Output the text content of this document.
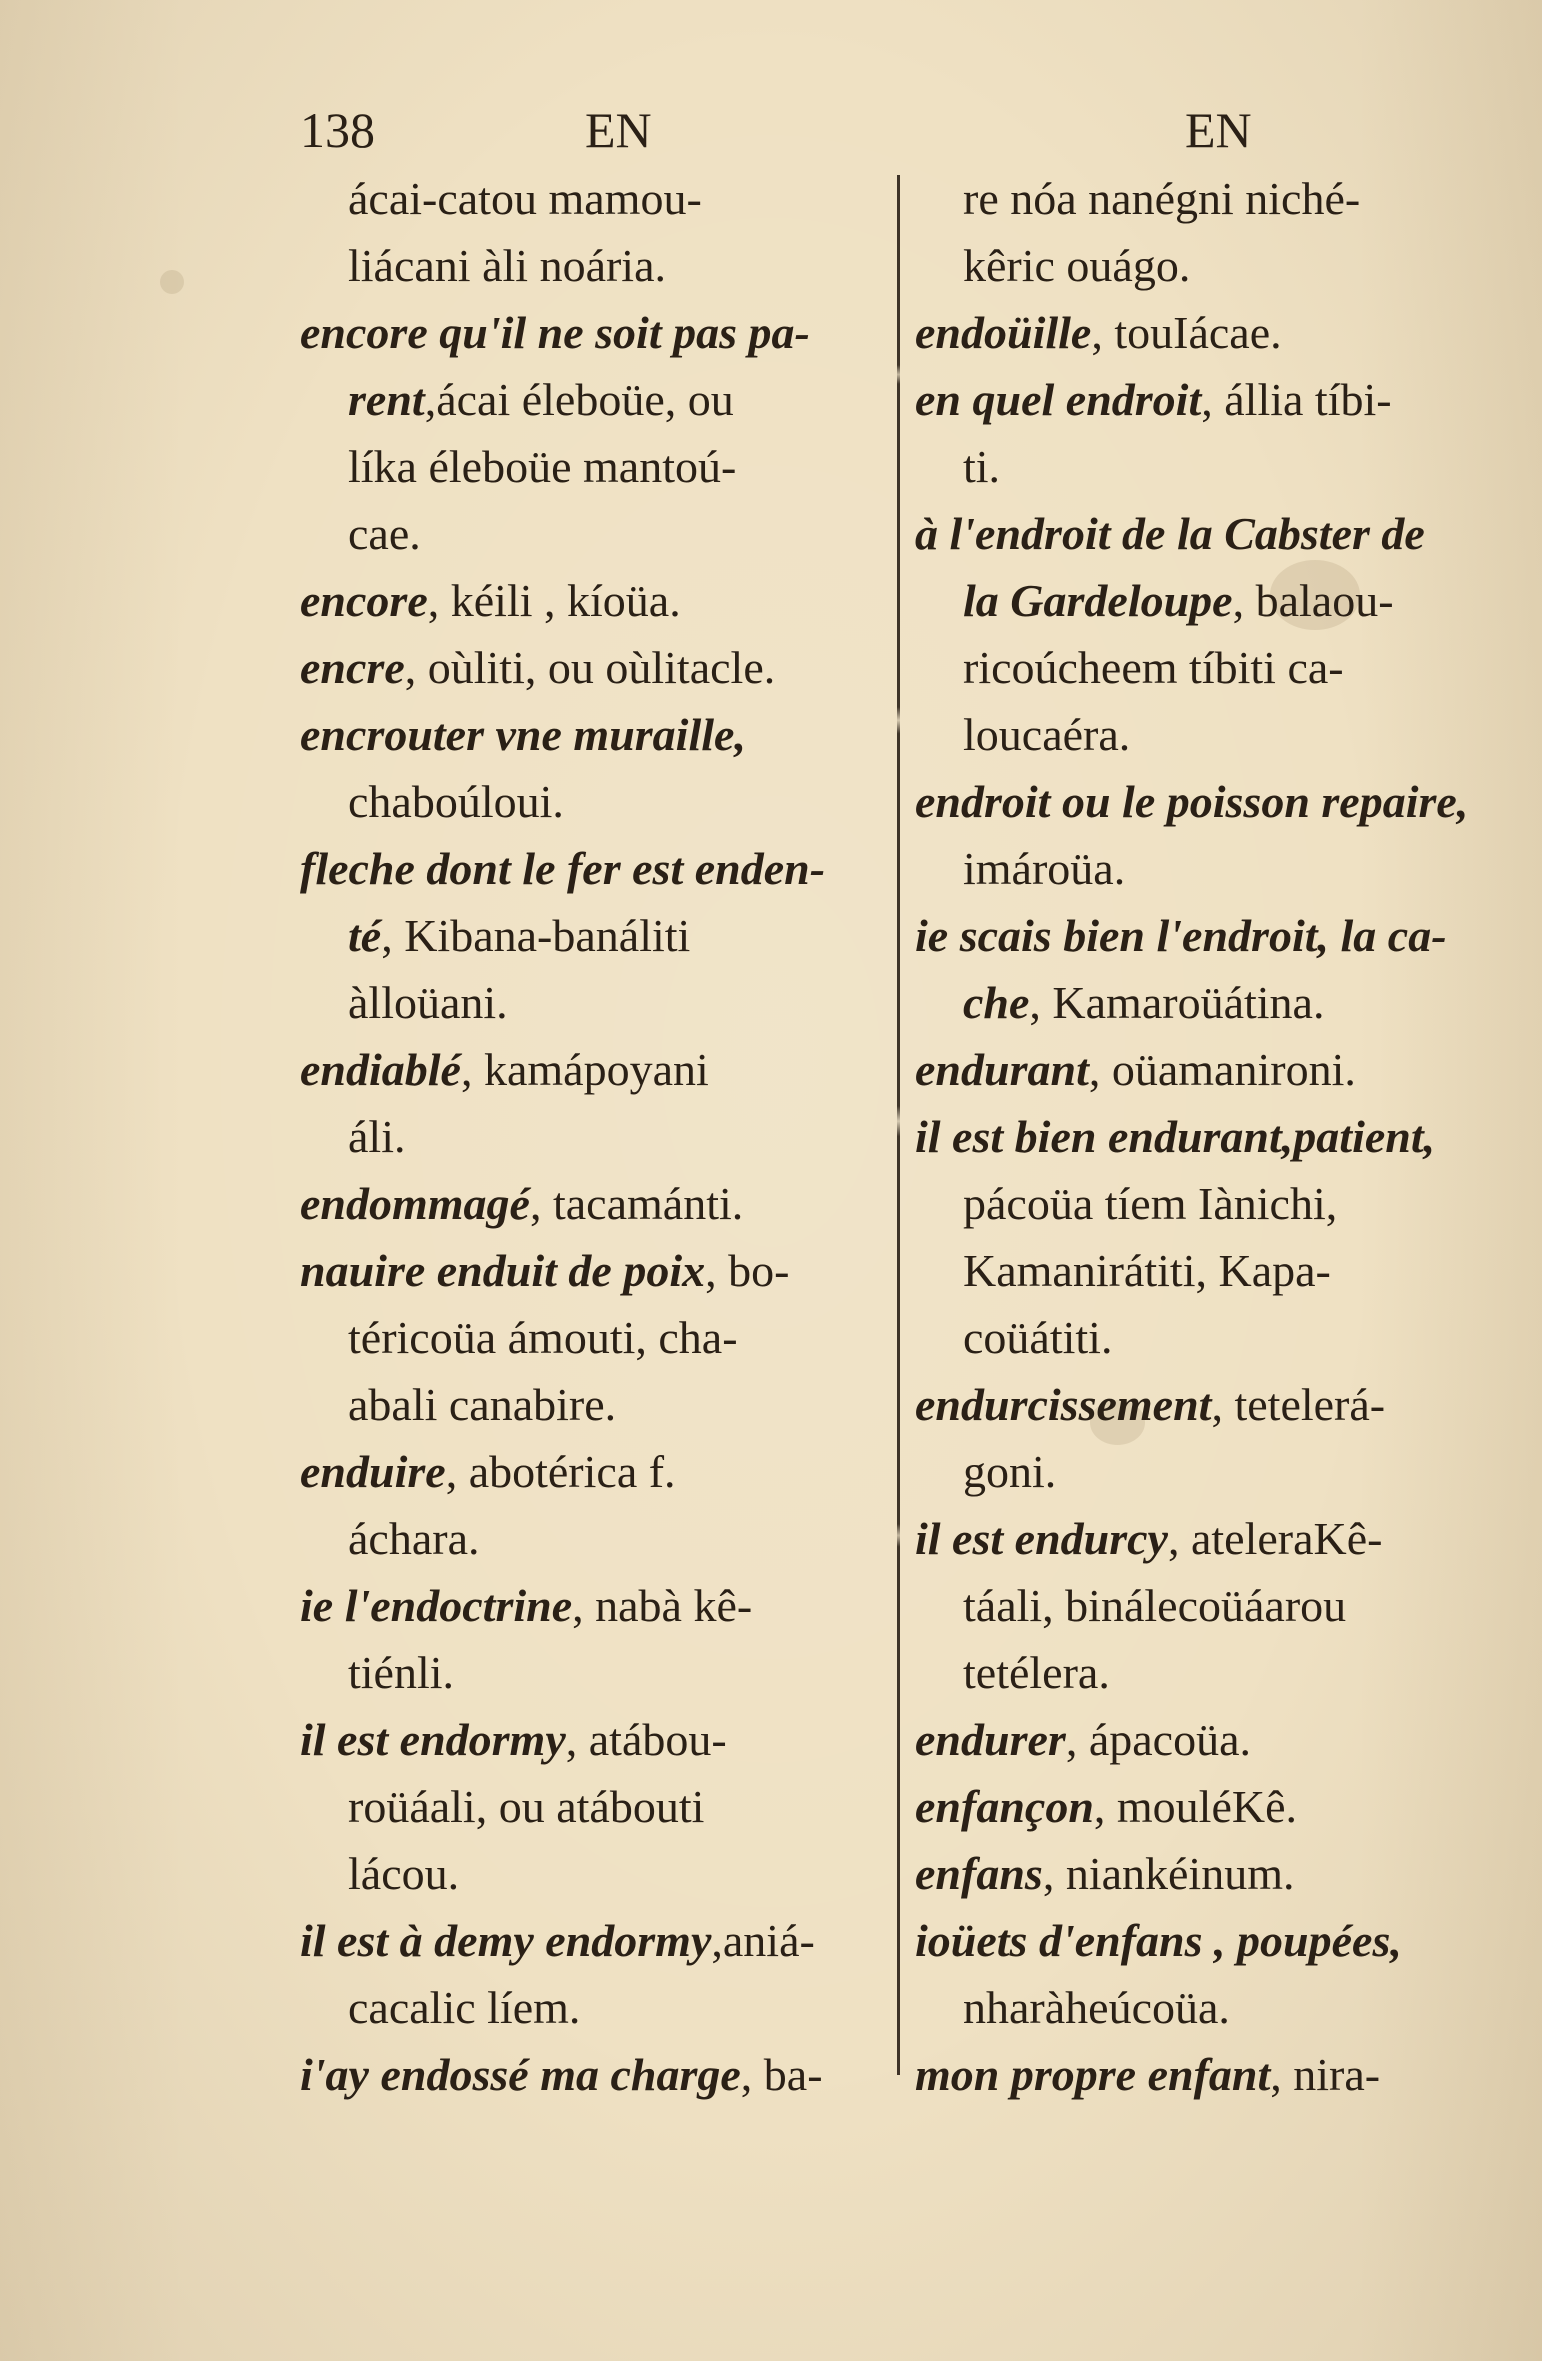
138	EN	EN
ácai-catou mamou-
liácani àli noária.
encore qu'il ne soit pas pa-
rent ,ácai éleboüe, ou
líka éleboüe mantoú-
cae.
encore , kéili , kíoüa.
encre , oùliti, ou oùlitacle.
encrouter vne muraille,
chaboúloui.
fleche dont le fer est enden-
té , Kibana-banáliti
àlloüani.
endiablé , kamápoyani
áli.
endommagé , tacamánti.
nauire enduit de poix , bo-
téricoüa ámouti, cha-
abali canabire.
enduire , abotérica f.
áchara.
ie l'endoctrine , nabà kê-
tiénli.
il est endormy , atábou-
roüáali, ou atábouti
lácou.
il est à demy endormy ,aniá-
cacalic líem.
i'ay endossé ma charge , ba-
re nóa nanégni niché-
kêric ouágo.
endoüille , touIácae.
en quel endroit , állia tíbi-
ti.
à l'endroit de la Cabster de
la Gardeloupe , balaou-
ricoúcheem tíbiti ca-
loucaéra.
endroit ou le poisson repaire,
imároüa.
ie scais bien l'endroit, la ca-
che , Kamaroüátina.
endurant , oüamanironi.
il est bien endurant,patient,
pácoüa tíem Iànichi,
Kamanirátiti, Kapa-
coüátiti.
endurcissement , tetelerá-
goni.
il est endurcy , ateleraKê-
táali, binálecoüáarou
tetélera.
endurer , ápacoüa.
enfançon , mouléKê.
enfans , niankéinum.
ioüets d'enfans , poupées,
nharàheúcoüa.
mon propre enfant , nira-
